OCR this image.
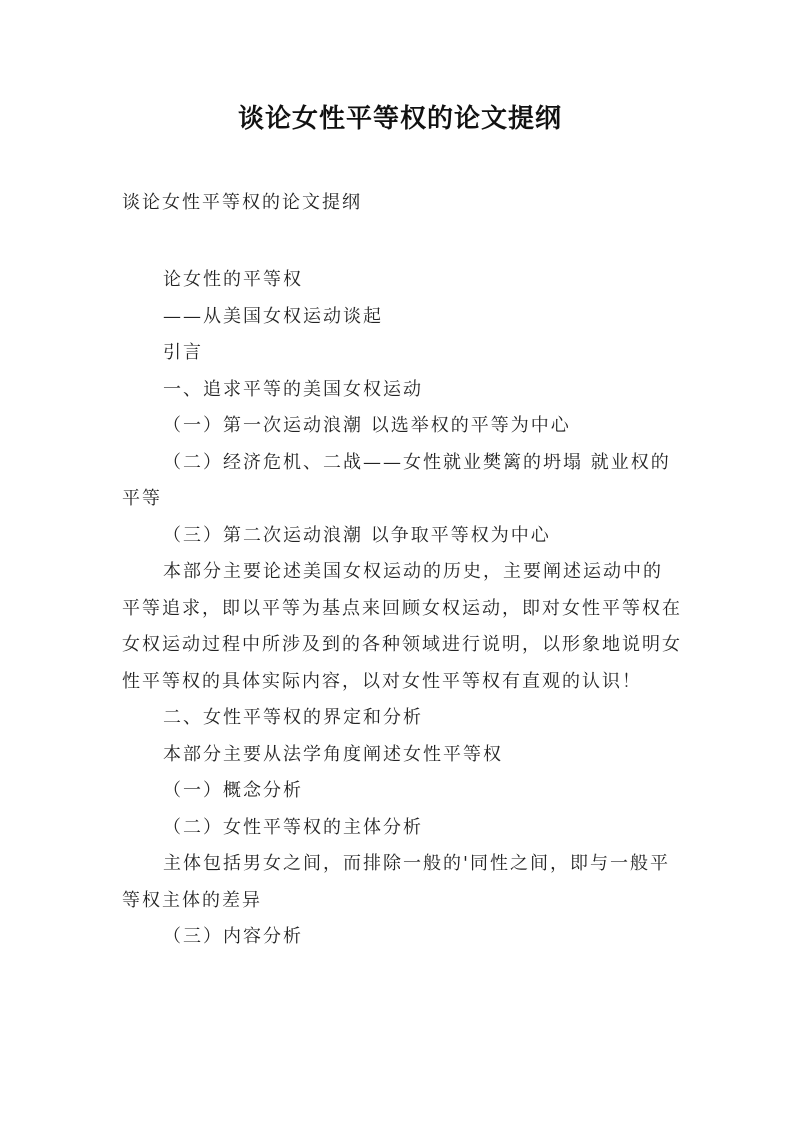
谈论女性平等权的论文提纲
谈论女性平等权的论文提纲

论女性的平等权

——从美国女权运动谈起

引言

一、追求平等的美国女权运动

（一）第一次运动浪潮 以选举权的平等为中心

（二）经济危机、二战——女性就业樊篱的坍塌 就业权的平等

（三）第二次运动浪潮 以争取平等权为中心

本部分主要论述美国女权运动的历史，主要阐述运动中的平等追求，即以平等为基点来回顾女权运动，即对女性平等权在女权运动过程中所涉及到的各种领域进行说明，以形象地说明女性平等权的具体实际内容，以对女性平等权有直观的认识！

二、女性平等权的界定和分析

本部分主要从法学角度阐述女性平等权

（一）概念分析

（二）女性平等权的主体分析

主体包括男女之间，而排除一般的'同性之间，即与一般平等权主体的差异

（三）内容分析
